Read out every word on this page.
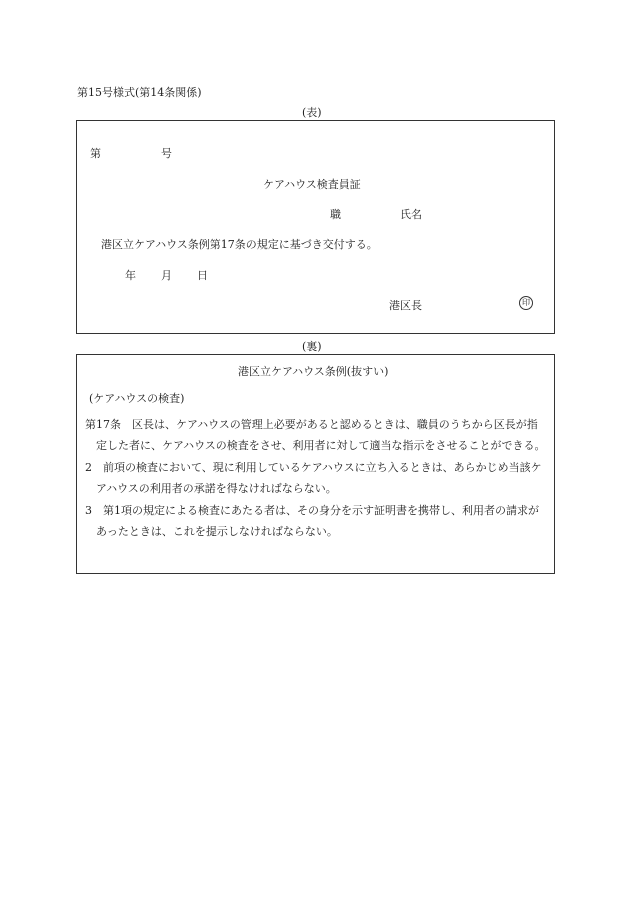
第15号様式(第14条関係)
(表)
第	号
ケアハウス検査員証
職	氏名
港区立ケアハウス条例第17条の規定に基づき交付する。
年 月 日
港区長	印
(裏)
港区立ケアハウス条例(抜すい)

(ケアハウスの検査)

第17条　区長は、ケアハウスの管理上必要があると認めるときは、職員のうちから区長が指定した者に、ケアハウスの検査をさせ、利用者に対して適当な指示をさせることができる。

2　前項の検査において、現に利用しているケアハウスに立ち入るときは、あらかじめ当該ケアハウスの利用者の承諾を得なければならない。

3　第1項の規定による検査にあたる者は、その身分を示す証明書を携帯し、利用者の請求があったときは、これを提示しなければならない。
